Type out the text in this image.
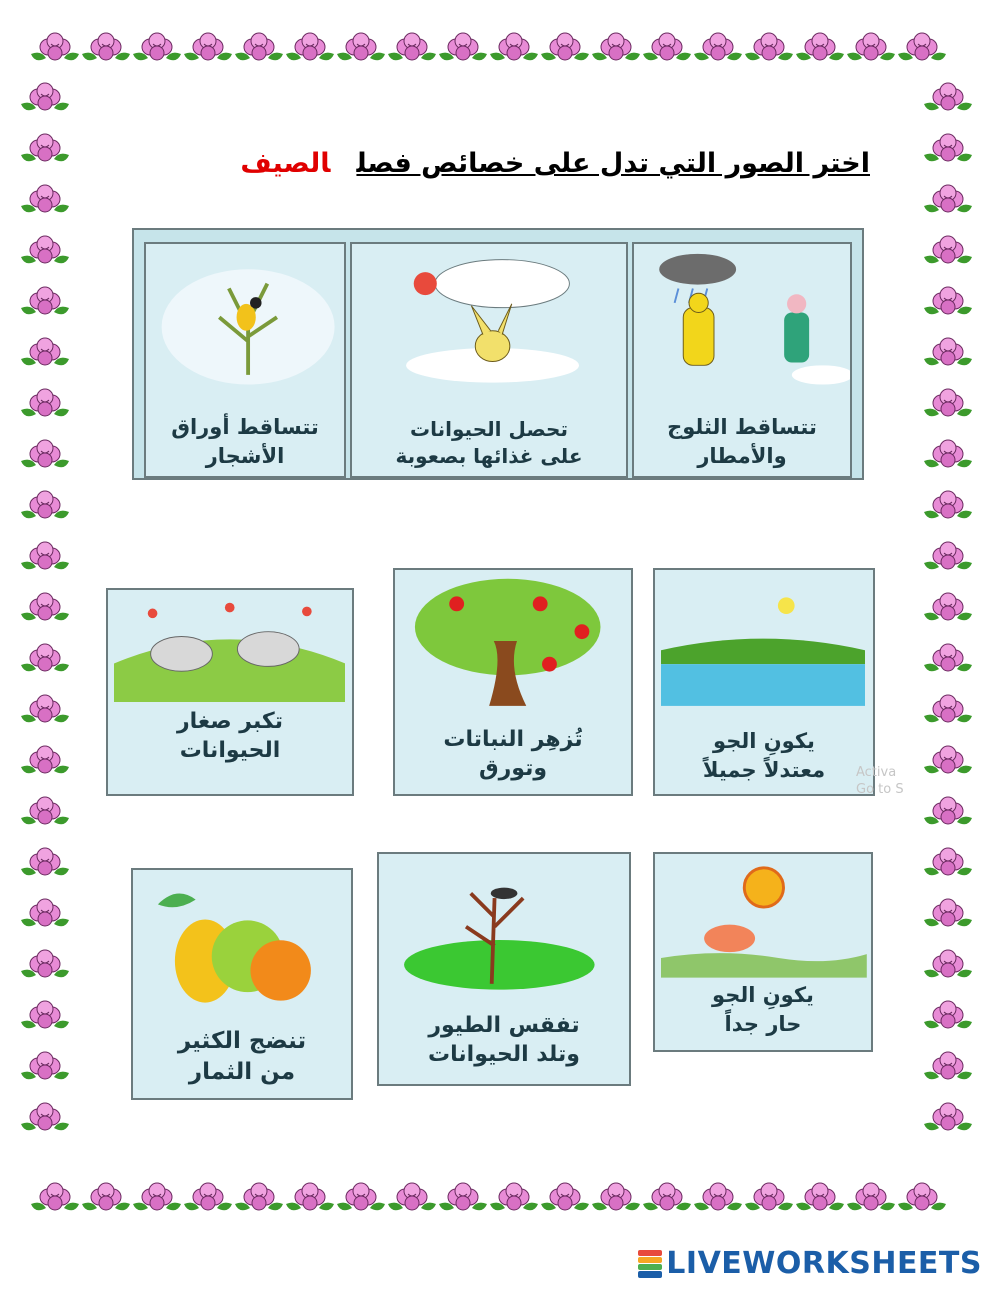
اختر الصور التي تدل على خصائص فصلالصيف
تتساقط أوراق
الأشجار
تحصل الحيوانات
على غذائها بصعوبة
تتساقط الثلوج
والأمطار
تكبر صغار
الحيوانات	تُزهِر النباتات
وتورق
يكونِ الجو
معتدلاً جميلاً	Activa
Go to S
تنضج الكثير
من الثمار
تفقس الطيور
وتلد الحيوانات
يكونِ الجو
حار جداً
LIVEWORKSHEETS
